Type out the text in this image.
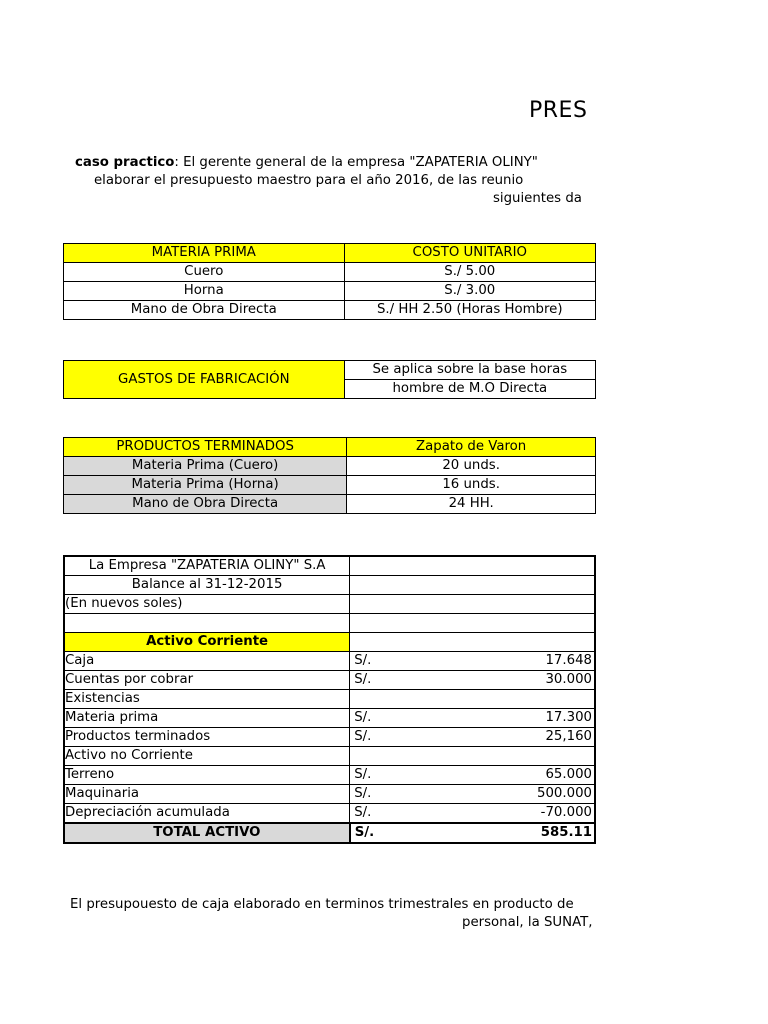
PRES
caso practico: El gerente general de la empresa "ZAPATERIA OLINY"
elaborar el presupuesto maestro para el año 2016, de las reunio
siguientes da
MATERIA PRIMA	COSTO UNITARIO
Cuero	S./ 5.00
Horna	S./ 3.00
Mano de Obra Directa	S./ HH 2.50 (Horas Hombre)
GASTOS DE FABRICACIÓN	Se aplica sobre la base horas
hombre de M.O Directa
PRODUCTOS TERMINADOS	Zapato de Varon
Materia Prima (Cuero)	20 unds.
Materia Prima (Horna)	16 unds.
Mano de Obra Directa	24 HH.
La Empresa "ZAPATERIA OLINY" S.A		
Balance al 31-12-2015		
(En nuevos soles)		

Activo Corriente		
Caja	S/.	17.648
Cuentas por cobrar	S/.	30.000
Existencias		
Materia prima	S/.	17.300
Productos terminados	S/.	25,160
Activo no Corriente		
Terreno	S/.	65.000
Maquinaria	S/.	500.000
Depreciación acumulada	S/.	-70.000
TOTAL ACTIVO	S/.	585.11
El presupouesto de caja elaborado en terminos trimestrales en producto de
personal, la SUNAT,
